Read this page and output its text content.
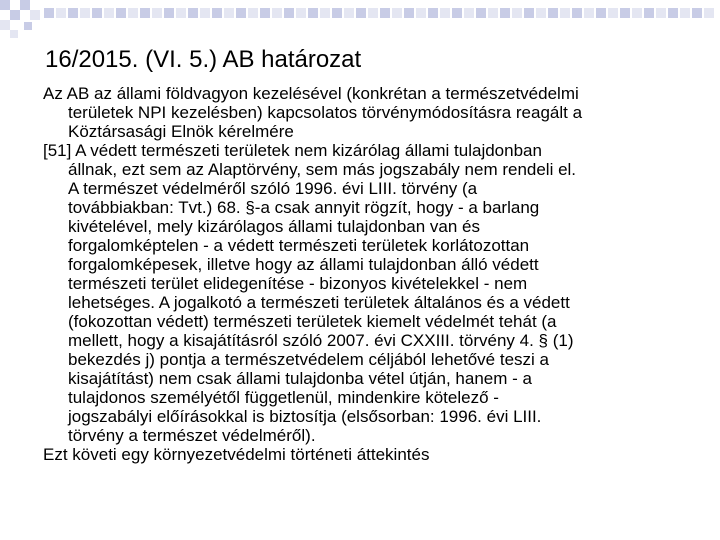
16/2015. (VI. 5.) AB határozat

Az AB az állami földvagyon kezelésével (konkrétan a természetvédelmi
területek NPI kezelésben) kapcsolatos törvénymódosításra reagált a
Köztársasági Elnök kérelmére

[51] A védett természeti területek nem kizárólag állami tulajdonban
állnak, ezt sem az Alaptörvény, sem más jogszabály nem rendeli el.
A természet védelméről szóló 1996. évi LIII. törvény (a
továbbiakban: Tvt.) 68. §-a csak annyit rögzít, hogy - a barlang
kivételével, mely kizárólagos állami tulajdonban van és
forgalomképtelen - a védett természeti területek korlátozottan
forgalomképesek, illetve hogy az állami tulajdonban álló védett
természeti terület elidegenítése - bizonyos kivételekkel - nem
lehetséges. A jogalkotó a természeti területek általános és a védett
(fokozottan védett) természeti területek kiemelt védelmét tehát (a
mellett, hogy a kisajátításról szóló 2007. évi CXXIII. törvény 4. § (1)
bekezdés j) pontja a természetvédelem céljából lehetővé teszi a
kisajátítást) nem csak állami tulajdonba vétel útján, hanem - a
tulajdonos személyétől függetlenül, mindenkire kötelező -
jogszabályi előírásokkal is biztosítja (elsősorban: 1996. évi LIII.
törvény a természet védelméről).

Ezt követi egy környezetvédelmi történeti áttekintés
